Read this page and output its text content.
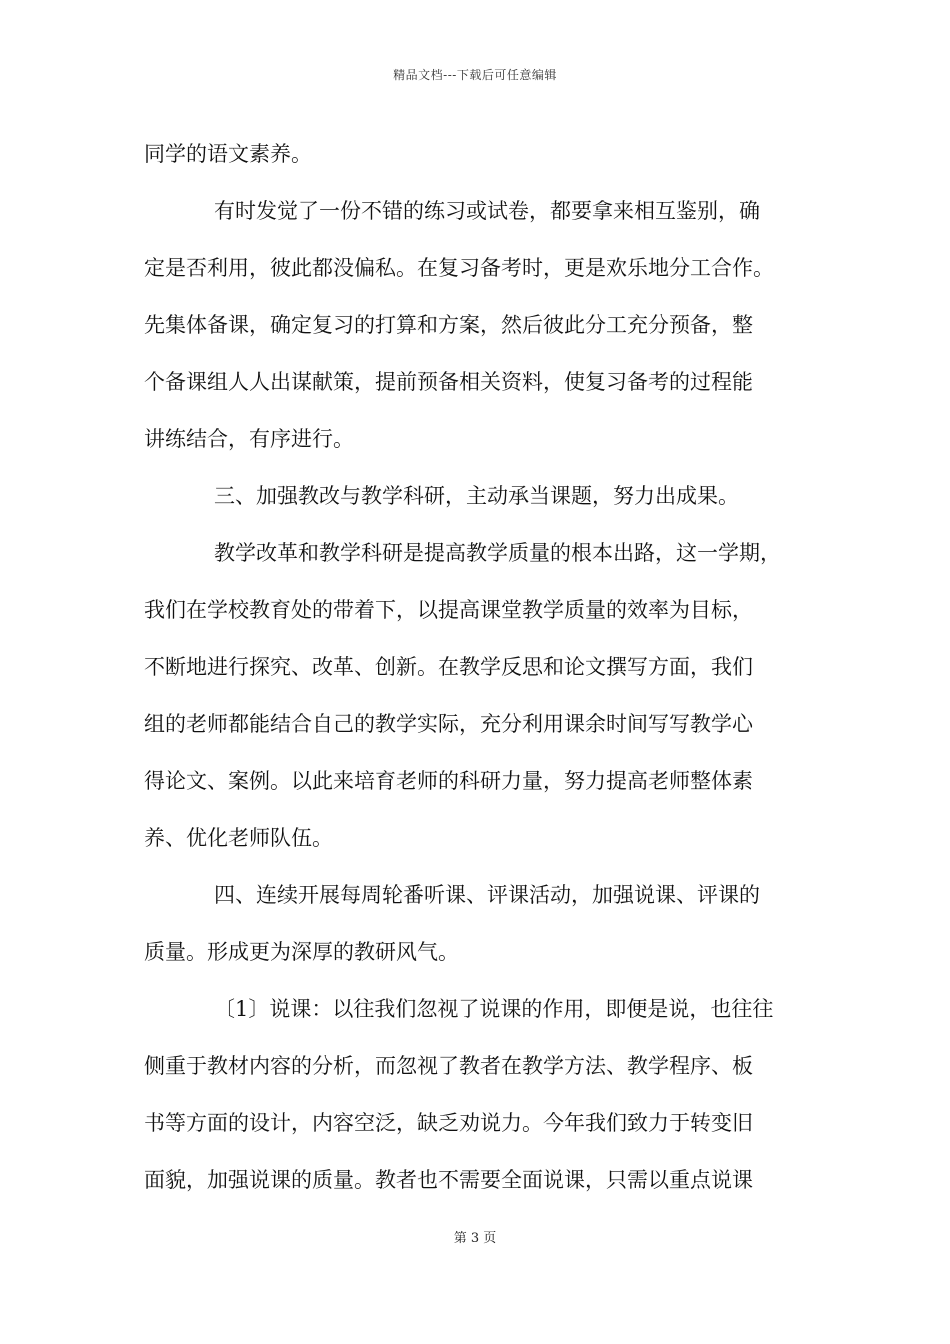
精品文档---下载后可任意编辑
同学的语文素养。
有时发觉了一份不错的练习或试卷，都要拿来相互鉴别，确
定是否利用，彼此都没偏私。在复习备考时，更是欢乐地分工合作。
先集体备课，确定复习的打算和方案，然后彼此分工充分预备，整
个备课组人人出谋献策，提前预备相关资料，使复习备考的过程能
讲练结合，有序进行。
三、加强教改与教学科研，主动承当课题，努力出成果。
教学改革和教学科研是提高教学质量的根本出路，这一学期，
我们在学校教育处的带着下，以提高课堂教学质量的效率为目标，
不断地进行探究、改革、创新。在教学反思和论文撰写方面，我们
组的老师都能结合自己的教学实际，充分利用课余时间写写教学心
得论文、案例。以此来培育老师的科研力量，努力提高老师整体素
养、优化老师队伍。
四、连续开展每周轮番听课、评课活动，加强说课、评课的
质量。形成更为深厚的教研风气。
〔1〕说课：以往我们忽视了说课的作用，即便是说，也往往
侧重于教材内容的分析，而忽视了教者在教学方法、教学程序、板
书等方面的设计，内容空泛，缺乏劝说力。今年我们致力于转变旧
面貌，加强说课的质量。教者也不需要全面说课，只需以重点说课
第 3 页
